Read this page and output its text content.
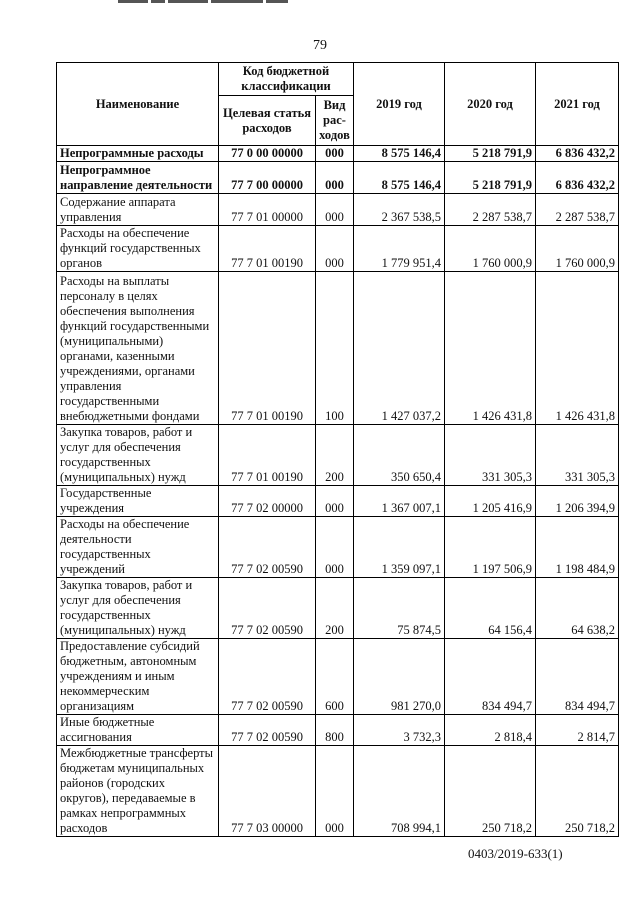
79
Наименование	Код бюджетной классификации		2019 год	2020 год	2021 год
	Целевая статья расходов	Вид рас-ходов			
Непрограммные расходы	77 0 00 00000	000	8 575 146,4	5 218 791,9	6 836 432,2
Непрограммное направление деятельности	77 7 00 00000	000	8 575 146,4	5 218 791,9	6 836 432,2
Содержание аппарата управления	77 7 01 00000	000	2 367 538,5	2 287 538,7	2 287 538,7
Расходы на обеспечение функций государственных органов	77 7 01 00190	000	1 779 951,4	1 760 000,9	1 760 000,9
Расходы на выплаты персоналу в целях обеспечения выполнения функций государственными (муниципальными) органами, казенными учреждениями, органами управления государственными внебюджетными фондами	77 7 01 00190	100	1 427 037,2	1 426 431,8	1 426 431,8
Закупка товаров, работ и услуг для обеспечения государственных (муниципальных) нужд	77 7 01 00190	200	350 650,4	331 305,3	331 305,3
Государственные учреждения	77 7 02 00000	000	1 367 007,1	1 205 416,9	1 206 394,9
Расходы на обеспечение деятельности государственных учреждений	77 7 02 00590	000	1 359 097,1	1 197 506,9	1 198 484,9
Закупка товаров, работ и услуг для обеспечения государственных (муниципальных) нужд	77 7 02 00590	200	75 874,5	64 156,4	64 638,2
Предоставление субсидий бюджетным, автономным учреждениям и иным некоммерческим организациям	77 7 02 00590	600	981 270,0	834 494,7	834 494,7
Иные бюджетные ассигнования	77 7 02 00590	800	3 732,3	2 818,4	2 814,7
Межбюджетные трансферты бюджетам муниципальных районов (городских округов), передаваемые в рамках непрограммных расходов	77 7 03 00000	000	708 994,1	250 718,2	250 718,2
0403/2019-633(1)
